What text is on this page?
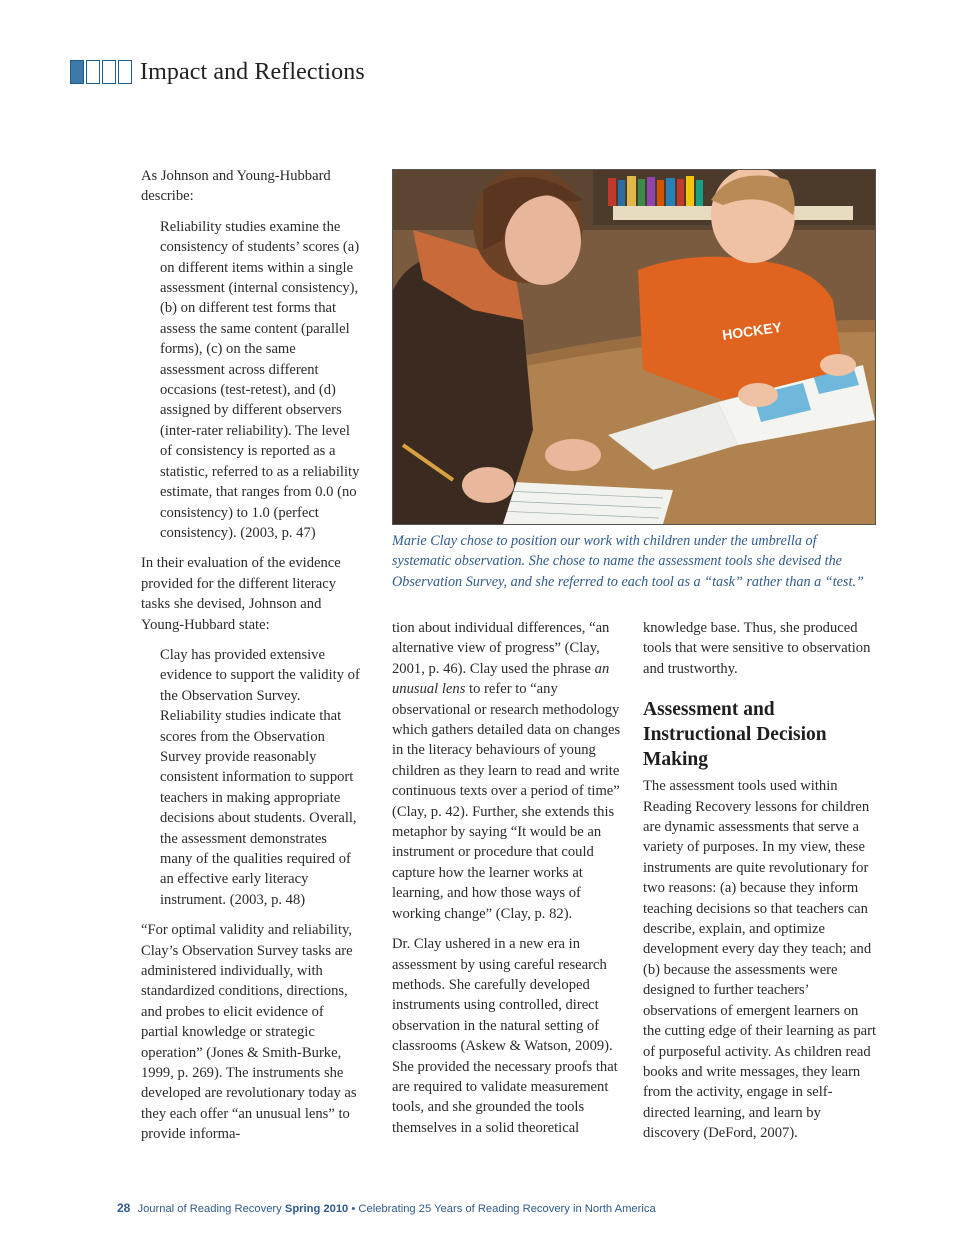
Impact and Reflections

As Johnson and Young-Hubbard describe:

Reliability studies examine the consistency of students’ scores (a) on different items within a single assessment (internal consistency), (b) on different test forms that assess the same content (parallel forms), (c) on the same assessment across different occasions (test-retest), and (d) assigned by different observers (inter-rater reliability). The level of consistency is reported as a statistic, referred to as a reliability estimate, that ranges from 0.0 (no consistency) to 1.0 (perfect consistency). (2003, p. 47)

In their evaluation of the evidence provided for the different literacy tasks she devised, Johnson and Young-Hubbard state:

Clay has provided extensive evidence to support the validity of the Observation Survey. Reliability studies indicate that scores from the Observation Survey provide reasonably consistent information to support teachers in making appropriate decisions about students. Overall, the assessment demonstrates many of the qualities required of an effective early literacy instrument. (2003, p. 48)

“For optimal validity and reliability, Clay’s Observation Survey tasks are administered individually, with standardized conditions, directions, and probes to elicit evidence of partial knowledge or strategic operation” (Jones & Smith-Burke, 1999, p. 269). The instruments she developed are revolutionary today as they each offer “an unusual lens” to provide informa-

HOCKEY
Marie Clay chose to position our work with children under the umbrella of systematic observation. She chose to name the assessment tools she devised the Observation Survey, and she referred to each tool as a “task” rather than a “test.”

tion about individual differences, “an alternative view of progress” (Clay, 2001, p. 46). Clay used the phrase an unusual lens to refer to “any observational or research methodology which gathers detailed data on changes in the literacy behaviours of young children as they learn to read and write continuous texts over a period of time” (Clay, p. 42). Further, she extends this metaphor by saying “It would be an instrument or procedure that could capture how the learner works at learning, and how those ways of working change” (Clay, p. 82).

Dr. Clay ushered in a new era in assessment by using careful research methods. She carefully developed instruments using controlled, direct observation in the natural setting of classrooms (Askew & Watson, 2009). She provided the necessary proofs that are required to validate measurement tools, and she grounded the tools themselves in a solid theoretical

knowledge base. Thus, she produced tools that were sensitive to observation and trustworthy.

Assessment and Instructional Decision Making

The assessment tools used within Reading Recovery lessons for children are dynamic assessments that serve a variety of purposes. In my view, these instruments are quite revolutionary for two reasons: (a) because they inform teaching decisions so that teachers can describe, explain, and optimize development every day they teach; and (b) because the assessments were designed to further teachers’ observations of emergent learners on the cutting edge of their learning as part of purposeful activity. As children read books and write messages, they learn from the activity, engage in self-directed learning, and learn by discovery (DeFord, 2007).

28 Journal of Reading Recovery Spring 2010 • Celebrating 25 Years of Reading Recovery in North America
